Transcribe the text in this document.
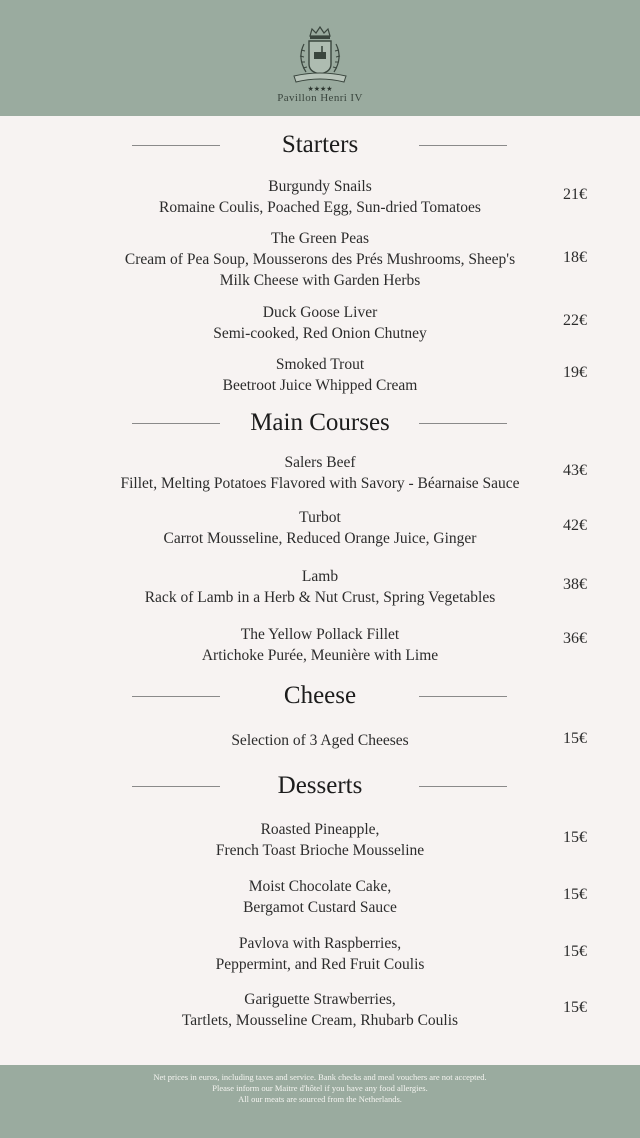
★★★★
Pavillon Henri IV
Starters
Burgundy Snails
Romaine Coulis, Poached Egg, Sun-dried Tomatoes
21€
The Green Peas
Cream of Pea Soup, Mousserons des Prés Mushrooms, Sheep's
Milk Cheese with Garden Herbs
18€
Duck Goose Liver
Semi-cooked, Red Onion Chutney
22€
Smoked Trout
Beetroot Juice Whipped Cream
19€
Main Courses
Salers Beef
Fillet, Melting Potatoes Flavored with Savory - Béarnaise Sauce
43€
Turbot
Carrot Mousseline, Reduced Orange Juice, Ginger
42€
Lamb
Rack of Lamb in a Herb & Nut Crust, Spring Vegetables
38€
The Yellow Pollack Fillet
Artichoke Purée, Meunière with Lime
36€
Cheese
Selection of 3 Aged Cheeses	15€
Desserts
Roasted Pineapple,
French Toast Brioche Mousseline
15€
Moist Chocolate Cake,
Bergamot Custard Sauce
15€
Pavlova with Raspberries,
Peppermint, and Red Fruit Coulis
15€
Gariguette Strawberries,
Tartlets, Mousseline Cream, Rhubarb Coulis
15€
Net prices in euros, including taxes and service. Bank checks and meal vouchers are not accepted.
Please inform our Maitre d'hôtel if you have any food allergies.
All our meats are sourced from the Netherlands.
